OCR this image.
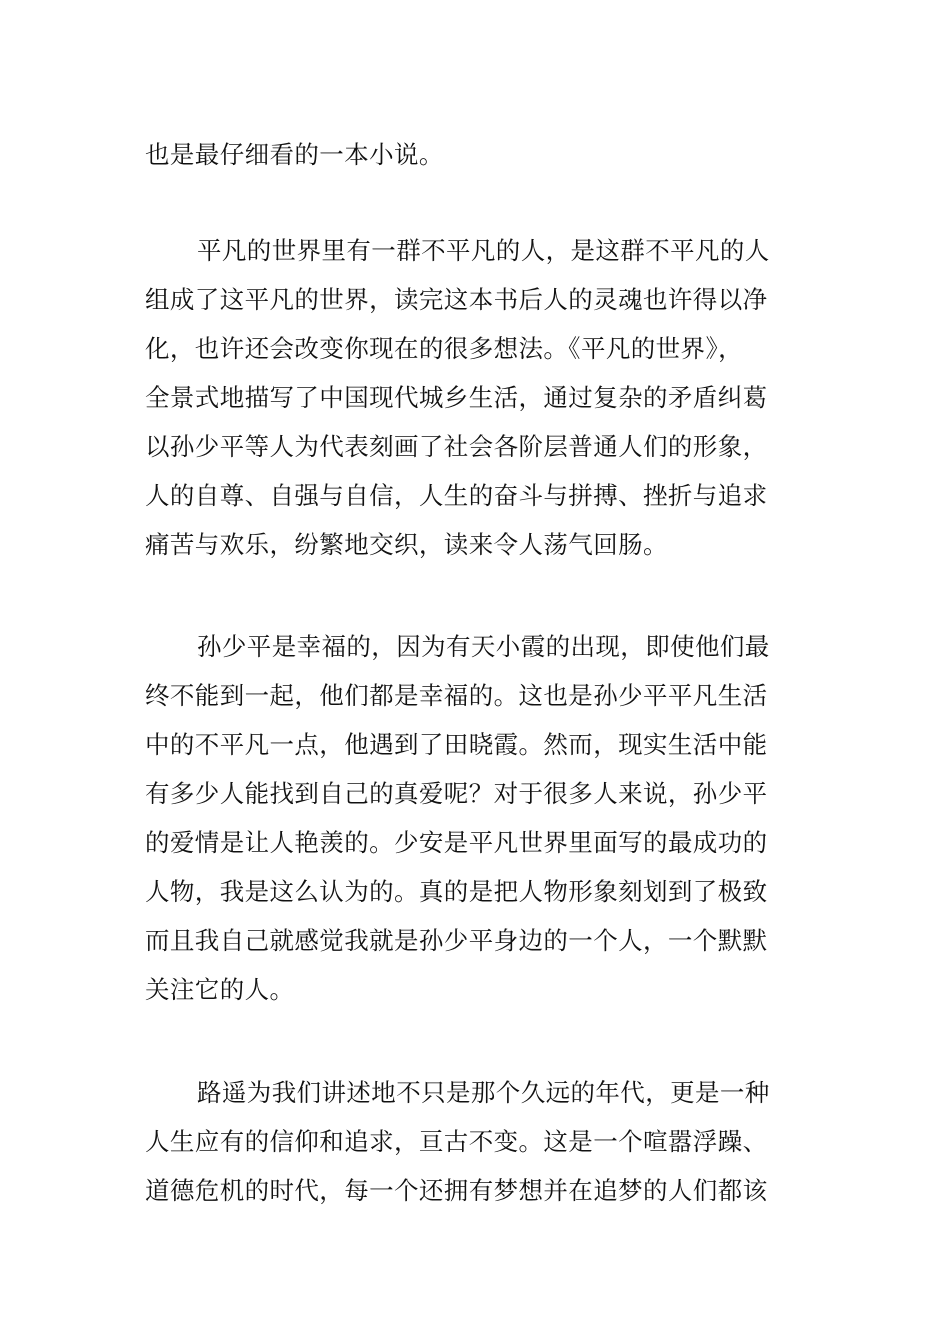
也是最仔细看的一本小说。
平凡的世界里有一群不平凡的人，是这群不平凡的人
组成了这平凡的世界，读完这本书后人的灵魂也许得以净
化，也许还会改变你现在的很多想法。《平凡的世界》，
全景式地描写了中国现代城乡生活，通过复杂的矛盾纠葛
以孙少平等人为代表刻画了社会各阶层普通人们的形象，
人的自尊、自强与自信，人生的奋斗与拼搏、挫折与追求
痛苦与欢乐，纷繁地交织，读来令人荡气回肠。
孙少平是幸福的，因为有天小霞的出现，即使他们最
终不能到一起，他们都是幸福的。这也是孙少平平凡生活
中的不平凡一点，他遇到了田晓霞。然而，现实生活中能
有多少人能找到自己的真爱呢？对于很多人来说，孙少平
的爱情是让人艳羡的。少安是平凡世界里面写的最成功的
人物，我是这么认为的。真的是把人物形象刻划到了极致
而且我自己就感觉我就是孙少平身边的一个人，一个默默
关注它的人。
路遥为我们讲述地不只是那个久远的年代，更是一种
人生应有的信仰和追求，亘古不变。这是一个喧嚣浮躁、
道德危机的时代，每一个还拥有梦想并在追梦的人们都该
